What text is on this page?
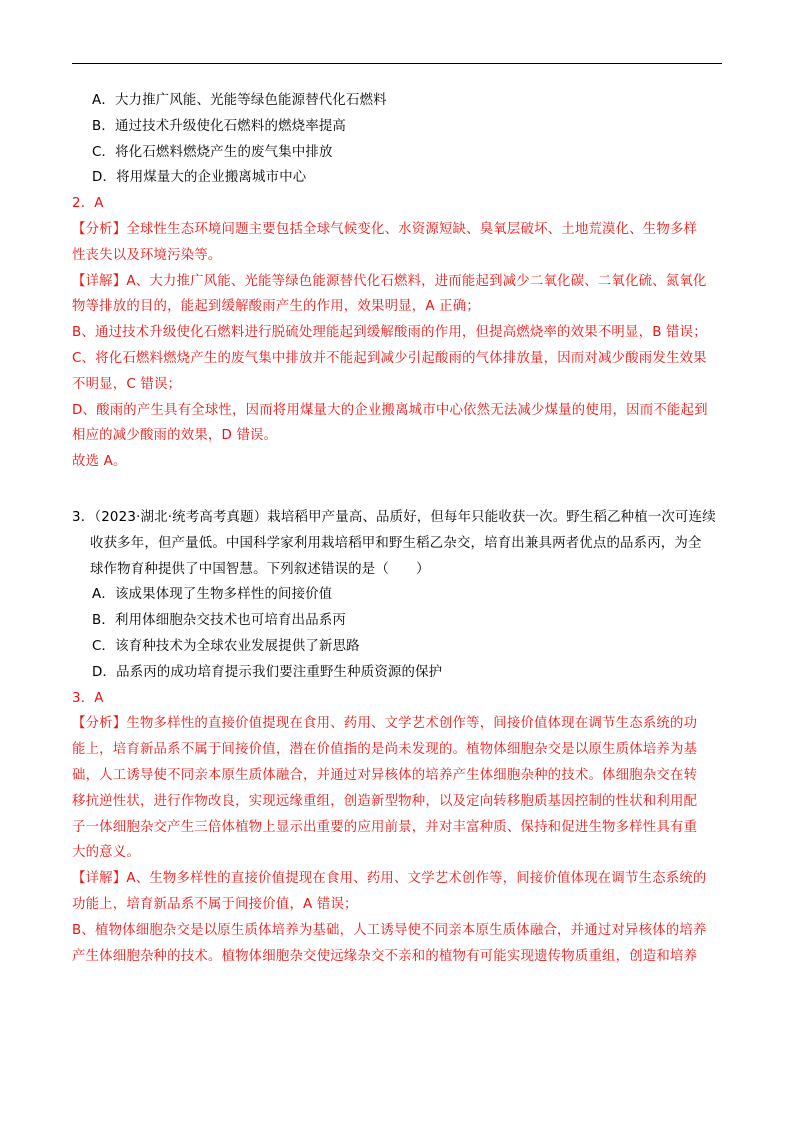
A．大力推广风能、光能等绿色能源替代化石燃料
B．通过技术升级使化石燃料的燃烧率提高
C．将化石燃料燃烧产生的废气集中排放
D．将用煤量大的企业搬离城市中心
2．A
【分析】全球性生态环境问题主要包括全球气候变化、水资源短缺、臭氧层破坏、土地荒漠化、生物多样
性丧失以及环境污染等。
【详解】A、大力推广风能、光能等绿色能源替代化石燃料，进而能起到减少二氧化碳、二氧化硫、氮氧化
物等排放的目的，能起到缓解酸雨产生的作用，效果明显，A 正确；
B、通过技术升级使化石燃料进行脱硫处理能起到缓解酸雨的作用，但提高燃烧率的效果不明显，B 错误；
C、将化石燃料燃烧产生的废气集中排放并不能起到减少引起酸雨的气体排放量，因而对减少酸雨发生效果
不明显，C 错误；
D、酸雨的产生具有全球性，因而将用煤量大的企业搬离城市中心依然无法减少煤量的使用，因而不能起到
相应的减少酸雨的效果，D 错误。
故选 A。
3．（2023·湖北·统考高考真题）栽培稻甲产量高、品质好，但每年只能收获一次。野生稻乙种植一次可连续
收获多年，但产量低。中国科学家利用栽培稻甲和野生稻乙杂交，培育出兼具两者优点的品系丙，为全
球作物育种提供了中国智慧。下列叙述错误的是（　　）
A．该成果体现了生物多样性的间接价值
B．利用体细胞杂交技术也可培育出品系丙
C．该育种技术为全球农业发展提供了新思路
D．品系丙的成功培育提示我们要注重野生种质资源的保护
3．A
【分析】生物多样性的直接价值提现在食用、药用、文学艺术创作等，间接价值体现在调节生态系统的功
能上，培育新品系不属于间接价值，潜在价值指的是尚未发现的。植物体细胞杂交是以原生质体培养为基
础，人工诱导使不同亲本原生质体融合，并通过对异核体的培养产生体细胞杂种的技术。体细胞杂交在转
移抗逆性状，进行作物改良，实现远缘重组，创造新型物种，以及定向转移胞质基因控制的性状和利用配
子一体细胞杂交产生三倍体植物上显示出重要的应用前景，并对丰富种质、保持和促进生物多样性具有重
大的意义。
【详解】A、生物多样性的直接价值提现在食用、药用、文学艺术创作等，间接价值体现在调节生态系统的
功能上，培育新品系不属于间接价值，A 错误；
B、植物体细胞杂交是以原生质体培养为基础，人工诱导使不同亲本原生质体融合，并通过对异核体的培养
产生体细胞杂种的技术。植物体细胞杂交使远缘杂交不亲和的植物有可能实现遗传物质重组，创造和培养
